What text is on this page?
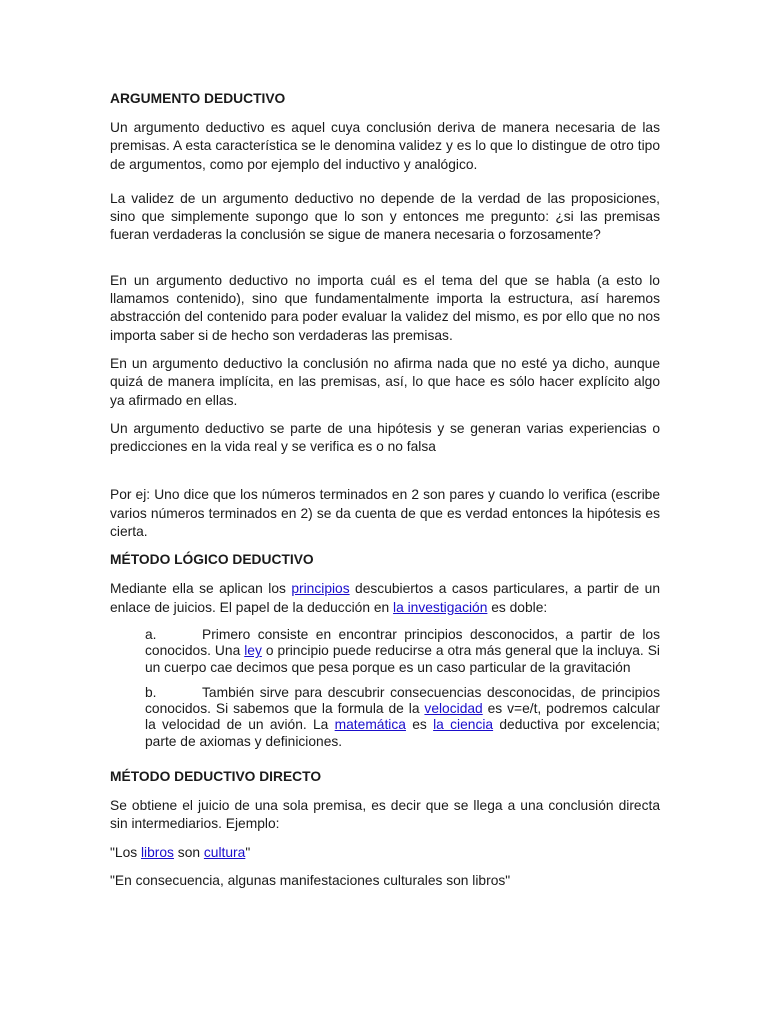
ARGUMENTO DEDUCTIVO

Un argumento deductivo es aquel cuya conclusión deriva de manera necesaria de las premisas. A esta característica se le denomina validez y es lo que lo distingue de otro tipo de argumentos, como por ejemplo del inductivo y analógico.

La validez de un argumento deductivo no depende de la verdad de las proposiciones, sino que simplemente supongo que lo son y entonces me pregunto: ¿si las premisas fueran verdaderas la conclusión se sigue de manera necesaria o forzosamente?

En un argumento deductivo no importa cuál es el tema del que se habla (a esto lo llamamos contenido), sino que fundamentalmente importa la estructura, así haremos abstracción del contenido para poder evaluar la validez del mismo, es por ello que no nos importa saber si de hecho son verdaderas las premisas.

En un argumento deductivo la conclusión no afirma nada que no esté ya dicho, aunque quizá de manera implícita, en las premisas, así, lo que hace es sólo hacer explícito algo ya afirmado en ellas.

Un argumento deductivo se parte de una hipótesis y se generan varias experiencias o predicciones en la vida real y se verifica es o no falsa

Por ej: Uno dice que los números terminados en 2 son pares y cuando lo verifica (escribe varios números terminados en 2) se da cuenta de que es verdad entonces la hipótesis es cierta.

MÉTODO LÓGICO DEDUCTIVO

Mediante ella se aplican los principios descubiertos a casos particulares, a partir de un enlace de juicios. El papel de la deducción en la investigación es doble:

a.	Primero consiste en encontrar principios desconocidos, a partir de los conocidos. Una ley o principio puede reducirse a otra más general que la incluya. Si un cuerpo cae decimos que pesa porque es un caso particular de la gravitación
b.	También sirve para descubrir consecuencias desconocidas, de principios conocidos. Si sabemos que la formula de la velocidad es v=e/t, podremos calcular la velocidad de un avión. La matemática es la ciencia deductiva por excelencia; parte de axiomas y definiciones.
MÉTODO DEDUCTIVO DIRECTO

Se obtiene el juicio de una sola premisa, es decir que se llega a una conclusión directa sin intermediarios. Ejemplo:

"Los libros son cultura"

"En consecuencia, algunas manifestaciones culturales son libros"
